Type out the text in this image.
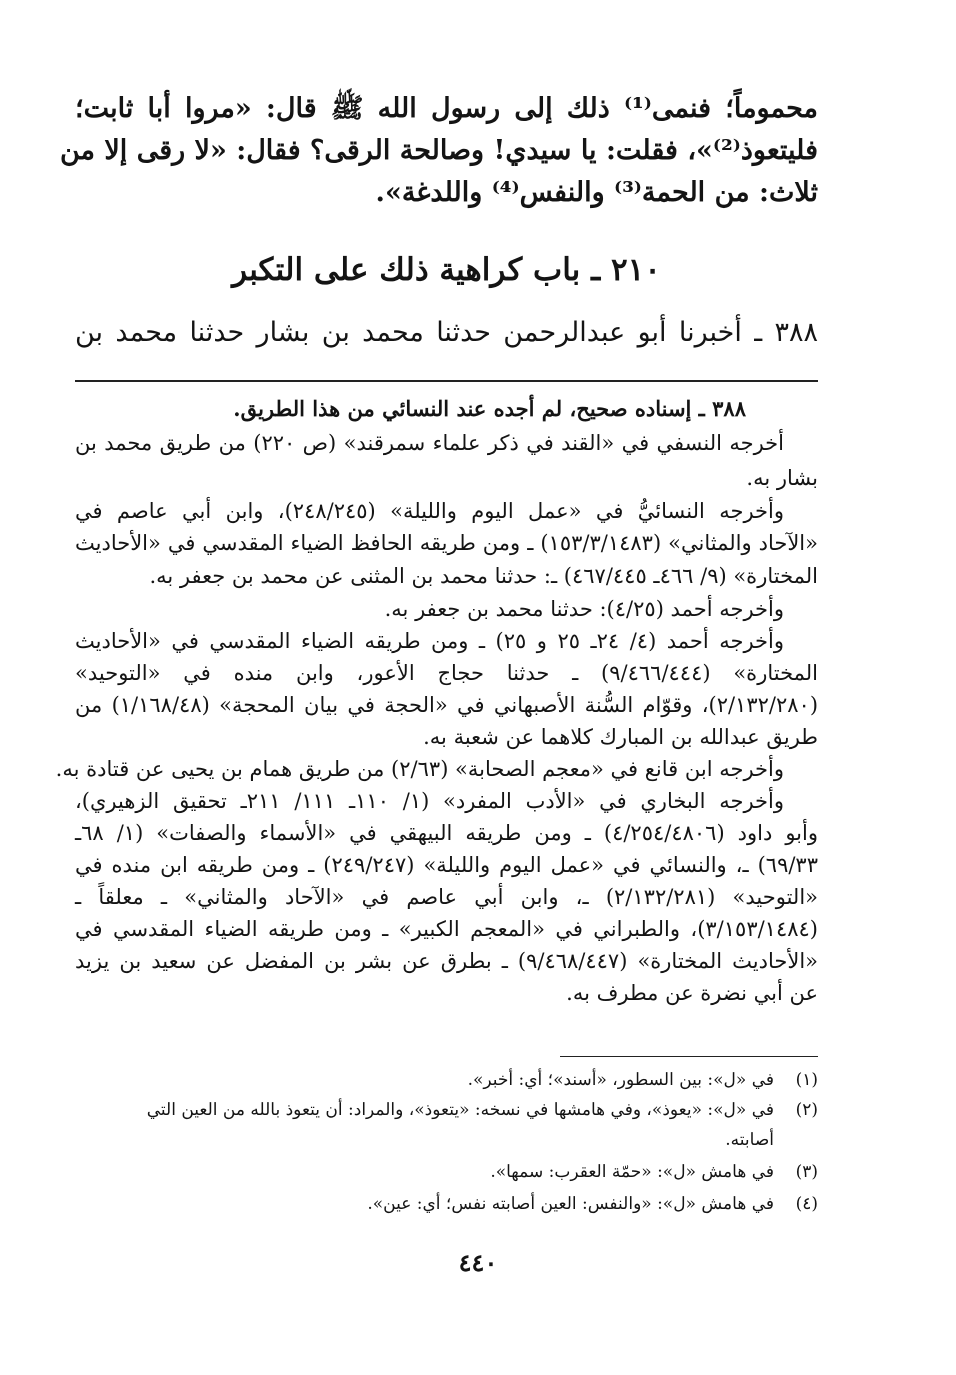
محموماً؛ فنمى⁽¹⁾ ذلك إلى رسول الله ﷺ قال: «مروا أبا ثابت؛
فليتعوذ⁽²⁾»، فقلت: يا سيدي! وصالحة الرقى؟ فقال: «لا رقى إلا من
ثلاث: من الحمة⁽³⁾ والنفس⁽⁴⁾ واللدغة».
٢١٠ ـ باب كراهية ذلك على التكبر
٣٨٨ ـ أخبرنا أبو عبدالرحمن حدثنا محمد بن بشار حدثنا محمد بن
٣٨٨ ـ إسناده صحيح، لم أجده عند النسائي من هذا الطريق.
أخرجه النسفي في «القند في ذكر علماء سمرقند» (ص ٢٢٠) من طريق محمد بن
بشار به.
وأخرجه النسائيُّ في «عمل اليوم والليلة» (٢٤٨/٢٤٥)، وابن أبي عاصم في
«الآحاد والمثاني» (١٥٣/٣/١٤٨٣) ـ ومن طريقه الحافظ الضياء المقدسي في «الأحاديث
المختارة» (٩/ ٤٦٦ـ ٤٦٧/٤٤٥) ـ: حدثنا محمد بن المثنى عن محمد بن جعفر به.
وأخرجه أحمد (٤/٢٥): حدثنا محمد بن جعفر به.
وأخرجه أحمد (٤/ ٢٤ـ ٢٥ و ٢٥) ـ ومن طريقه الضياء المقدسي في «الأحاديث
المختارة» (٩/٤٦٦/٤٤٤) ـ حدثنا حجاج الأعور، وابن منده في «التوحيد»
(٢/١٣٢/٢٨٠)، وقوّام السُّنة الأصبهاني في «الحجة في بيان المحجة» (١/١٦٨/٤٨) من
طريق عبدالله بن المبارك كلاهما عن شعبة به.
وأخرجه ابن قانع في «معجم الصحابة» (٢/٦٣) من طريق همام بن يحيى عن قتادة به.
وأخرجه البخاري في «الأدب المفرد» (١/ ١١٠ـ ١١١/ ٢١١ـ تحقيق الزهيري)،
وأبو داود (٤/٢٥٤/٤٨٠٦) ـ ومن طريقه البيهقي في «الأسماء والصفات» (١/ ٦٨ـ
٦٩/٣٣) ـ، والنسائي في «عمل اليوم والليلة» (٢٤٩/٢٤٧) ـ ومن طريقه ابن منده في
«التوحيد» (٢/١٣٢/٢٨١) ـ، وابن أبي عاصم في «الآحاد والمثاني» ـ معلقاً ـ
(٣/١٥٣/١٤٨٤)، والطبراني في «المعجم الكبير» ـ ومن طريقه الضياء المقدسي في
«الأحاديث المختارة» (٩/٤٦٨/٤٤٧) ـ بطرق عن بشر بن المفضل عن سعيد بن يزيد
عن أبي نضرة عن مطرف به.
(١)في «ل»: بين السطور، «أسند»؛ أي: أخبر».
(٢)في «ل»: «يعوذ»، وفي هامشها في نسخه: «يتعوذ»، والمراد: أن يتعوذ بالله من العين التي
أصابته.
(٣)في هامش «ل»: «حمّة العقرب: سمها».
(٤)في هامش «ل»: «والنفس: العين أصابته نفس؛ أي: عين».
٤٤٠
